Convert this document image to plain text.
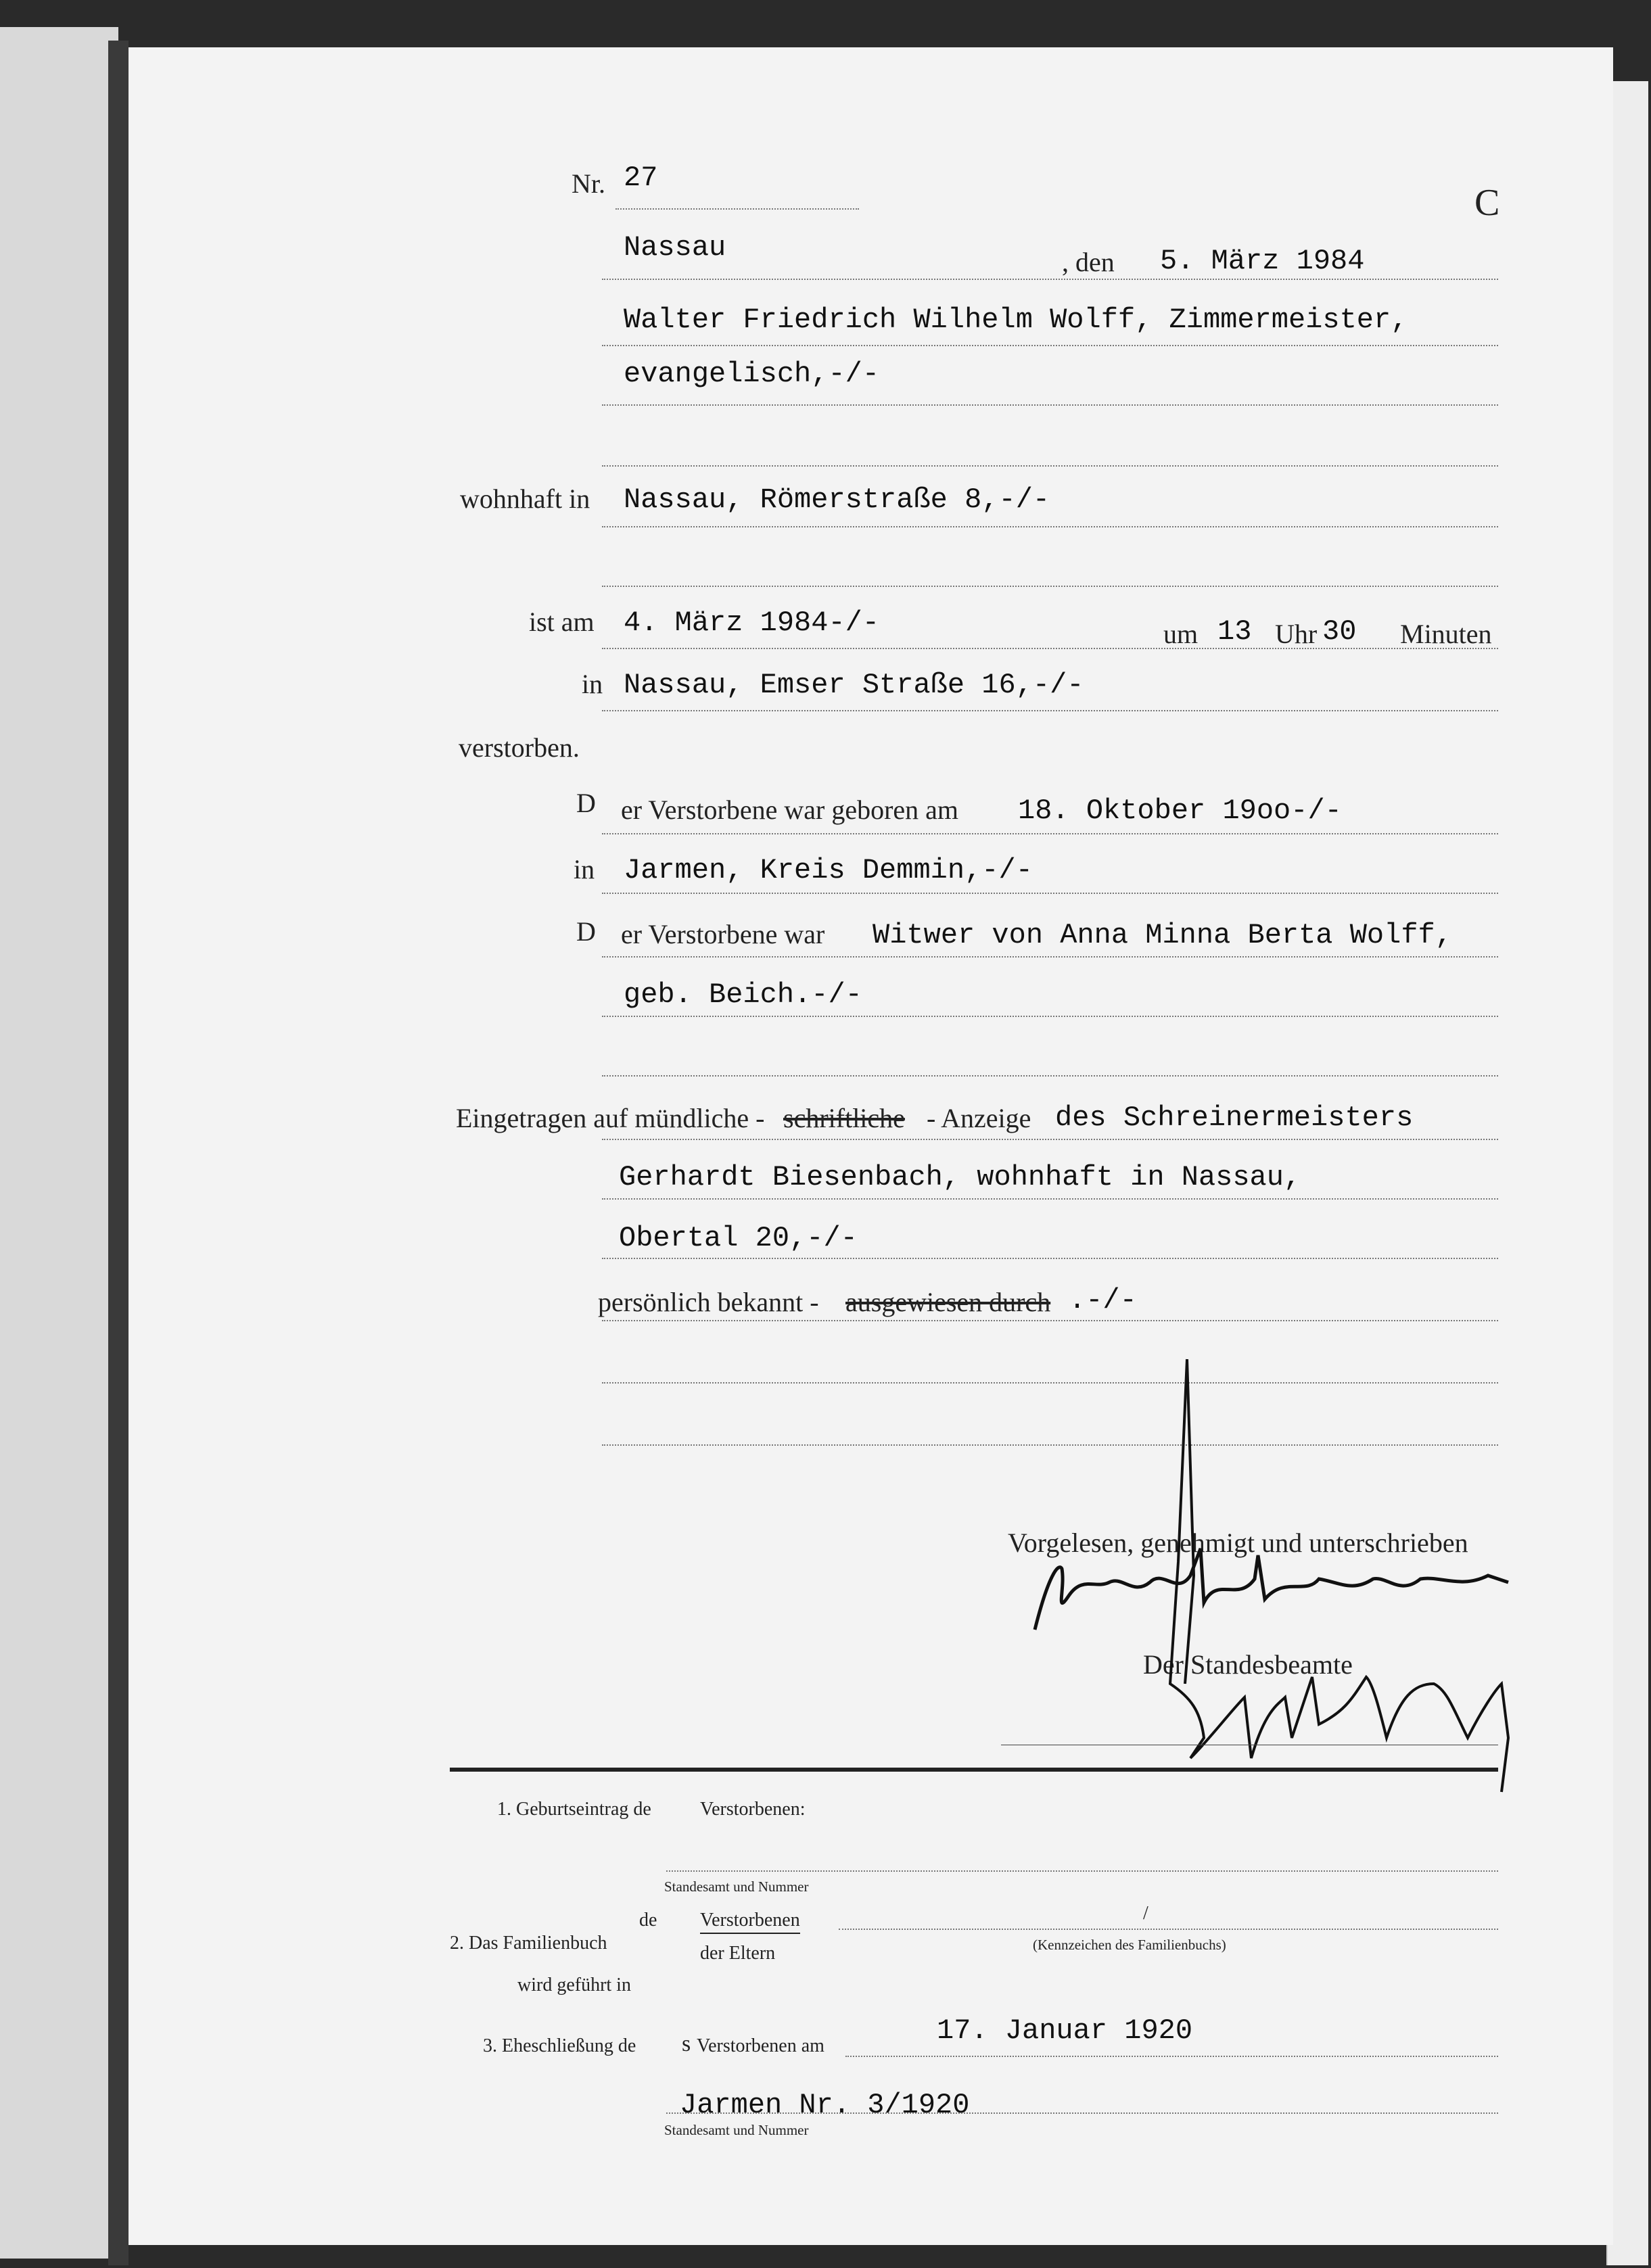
Nr. 27
C
Nassau	, den 5. März 1984
Walter Friedrich Wilhelm Wolff, Zimmermeister,
evangelisch,-/-
wohnhaft in Nassau, Römerstraße 8,-/-
ist am 4. März 1984-/-	um 13 Uhr 30 Minuten
in Nassau, Emser Straße 16,-/-
verstorben.
D er Verstorbene war geboren am 18. Oktober 19oo-/-
in Jarmen, Kreis Demmin,-/-
D er Verstorbene war Witwer von Anna Minna Berta Wolff,
geb. Beich.-/-
Eingetragen auf mündliche - schriftliche - Anzeige des Schreinermeisters
Gerhardt Biesenbach, wohnhaft in Nassau,
Obertal 20,-/-
persönlich bekannt - ausgewiesen durch .-/-
Vorgelesen, genehmigt und unterschrieben
Der Standesbeamte
1. Geburtseintrag de	Verstorbenen:
Standesamt und Nummer
2. Das Familienbuch
de Verstorbenen
der Eltern
wird geführt in
/
(Kennzeichen des Familienbuchs)
3. Eheschließung de s Verstorbenen am	17. Januar 1920
Jarmen Nr. 3/1920
Standesamt und Nummer
